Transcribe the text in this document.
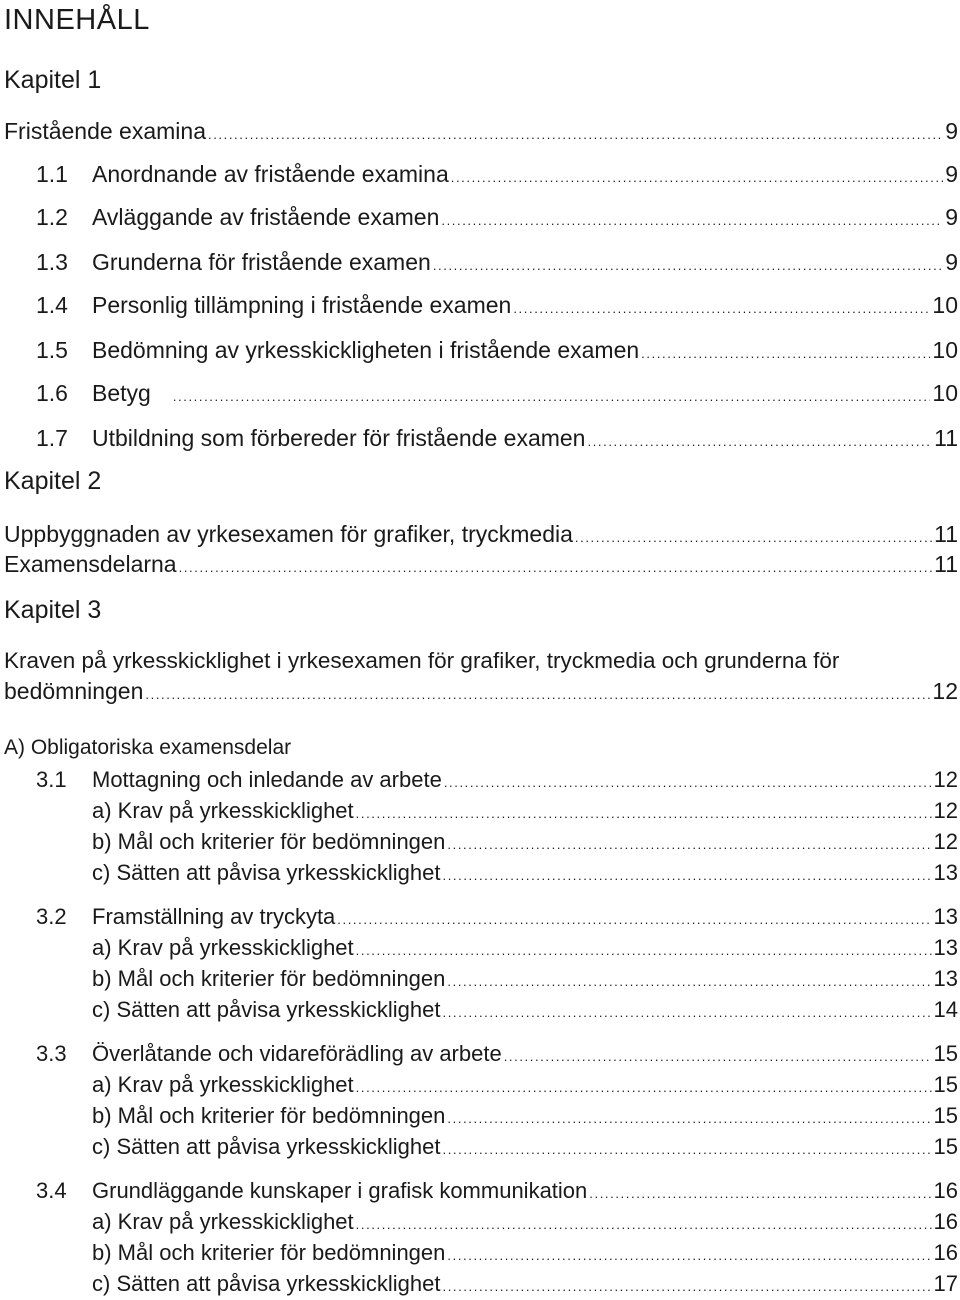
INNEHÅLL
Kapitel 1
Fristående examina .....	9
1.1	Anordnande av fristående examina .....	9
1.2	Avläggande av fristående examen .....	9
1.3	Grunderna för fristående examen .....	9
1.4	Personlig tillämpning i fristående examen .....	10
1.5	Bedömning av yrkesskickligheten i fristående examen .....	10
1.6	Betyg .....	10
1.7	Utbildning som förbereder för fristående examen .....	11
Kapitel 2
Uppbyggnaden av yrkesexamen för grafiker, tryckmedia .....	11
Examensdelarna .....	11
Kapitel 3
Kraven på yrkesskicklighet i yrkesexamen för grafiker, tryckmedia och grunderna för
bedömningen .....	12
A) Obligatoriska examensdelar
3.1	Mottagning och inledande av arbete .....	12
a) Krav på yrkesskicklighet .....	12
b) Mål och kriterier för bedömningen .....	12
c) Sätten att påvisa yrkesskicklighet .....	13
3.2	Framställning av tryckyta .....	13
a) Krav på yrkesskicklighet .....	13
b) Mål och kriterier för bedömningen .....	13
c) Sätten att påvisa yrkesskicklighet .....	14
3.3	Överlåtande och vidareförädling av arbete .....	15
a) Krav på yrkesskicklighet .....	15
b) Mål och kriterier för bedömningen .....	15
c) Sätten att påvisa yrkesskicklighet .....	15
3.4	Grundläggande kunskaper i grafisk kommunikation .....	16
a) Krav på yrkesskicklighet .....	16
b) Mål och kriterier för bedömningen .....	16
c) Sätten att påvisa yrkesskicklighet .....	17
